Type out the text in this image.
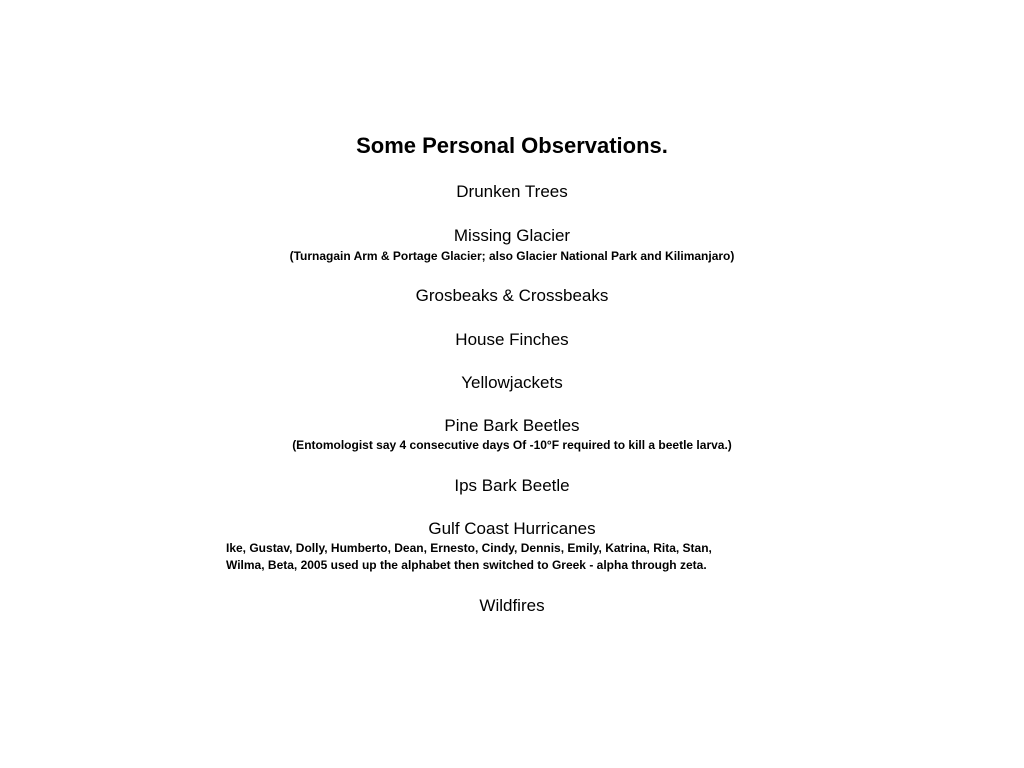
Some Personal Observations.

Drunken Trees

Missing Glacier

(Turnagain Arm & Portage Glacier; also Glacier National Park and Kilimanjaro)

Grosbeaks & Crossbeaks

House Finches

Yellowjackets

Pine Bark Beetles

(Entomologist say 4 consecutive days Of -10°F required to kill a beetle larva.)

Ips Bark Beetle

Gulf Coast Hurricanes

Ike, Gustav, Dolly, Humberto, Dean, Ernesto, Cindy, Dennis, Emily, Katrina, Rita, Stan,

Wilma, Beta, 2005 used up the alphabet then switched to Greek - alpha through zeta.

Wildfires
